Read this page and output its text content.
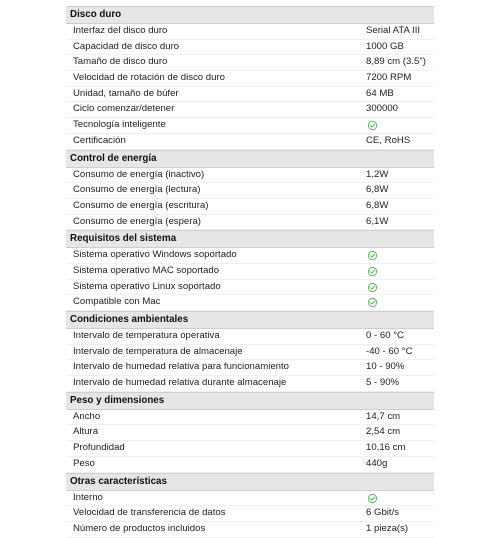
Disco duro
Interfaz del disco duro	Serial ATA III
Capacidad de disco duro	1000 GB
Tamaño de disco duro	8,89 cm (3.5")
Velocidad de rotación de disco duro	7200 RPM
Unidad, tamaño de búfer	64 MB
Ciclo comenzar/detener	300000
Tecnología inteligente
Certificación	CE, RoHS
Control de energía
Consumo de energía (inactivo)	1,2W
Consumo de energía (lectura)	6,8W
Consumo de energía (escritura)	6,8W
Consumo de energía (espera)	6,1W
Requisitos del sistema
Sistema operativo Windows soportado
Sistema operativo MAC soportado
Sistema operativo Linux soportado
Compatible con Mac
Condiciones ambientales
Intervalo de temperatura operativa	0 - 60 °C
Intervalo de temperatura de almacenaje	-40 - 60 °C
Intervalo de humedad relativa para funcionamiento	10 - 90%
Intervalo de humedad relativa durante almacenaje	5 - 90%
Peso y dimensiones
Ancho	14,7 cm
Altura	2,54 cm
Profundidad	10,16 cm
Peso	440g
Otras características
Interno
Velocidad de transferencia de datos	6 Gbit/s
Número de productos incluidos	1 pieza(s)
